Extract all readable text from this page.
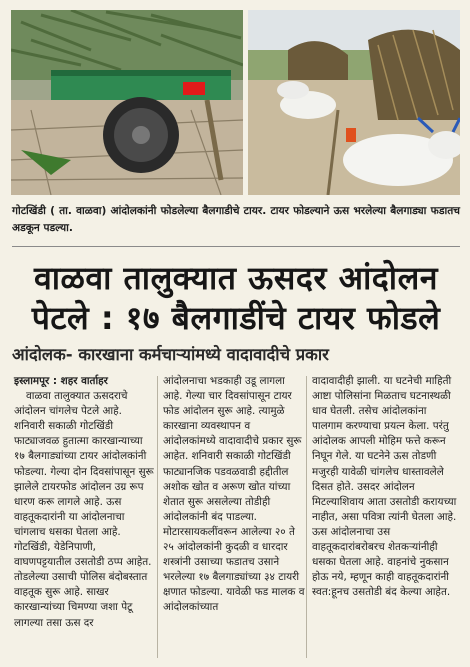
गोटखिंडी ( ता. वाळवा) आंदोलकांनी फोडलेल्या बैलगाडीचे टायर. टायर फोडल्याने ऊस भरलेल्या बैलगाड्या फडातच अडकून पडल्या.
वाळवा तालुक्यात ऊसदर आंदोलन
पेटले : १७ बैलगाडींचे टायर फोडले
आंदोलक- कारखाना कर्मचाऱ्यांमध्ये वादावादीचे प्रकार

इस्लामपूर : शहर वार्ताहर

वाळवा तालुक्यात ऊसदराचे आंदोलन चांगलेच पेटले आहे. शनिवारी सकाळी गोटखिंडी फाट्याजवळ हुतात्मा कारखान्याच्या १७ बैलगाड्यांच्या टायर आंदोलकांनी फोडल्या. गेल्या दोन दिवसांपासून सुरू झालेले टायरफोड आंदोलन उग्र रूप धारण करू लागले आहे. ऊस वाहतूकदारांनी या आंदोलनाचा चांगलाच धसका घेतला आहे. गोटखिंडी, येडेनिपाणी, वाघणपट्टयातील उसतोडी ठप्प आहेत. तोडलेल्या उसाची पोलिस बंदोबस्तात वाहतूक सुरू आहे. साखर कारखान्यांच्या चिमण्या जशा पेटू लागल्या तसा ऊस दर

आंदोलनाचा भडकाही उडू लागला आहे. गेल्या चार दिवसांपासून टायर फोड आंदोलन सुरू आहे. त्यामुळे कारखाना व्यवस्थापन व आंदोलकांमध्ये वादावादीचे प्रकार सुरू आहेत. शनिवारी सकाळी गोटखिंडी फाट्यानजिक पडवळवाडी हद्दीतील अशोक खोत व अरूण खोत यांच्या शेतात सुरू असलेल्या तोडीही आंदोलकांनी बंद पाडल्या. मोटारसायकलींवरून आलेल्या २० ते २५ आंदोलकांनी कुदळी व धारदार शस्त्रांनी उसाच्या फडातच उसाने भरलेल्या १७ बैलगाड्यांच्या ३४ टायरी क्षणात फोडल्या. यावेळी फड मालक व आंदोलकांच्यात

वादावादीही झाली. या घटनेची माहिती आष्टा पोलिसांना मिळताच घटनास्थळी धाव घेतली. तसेच आंदोलकांना पालगाम करण्याचा प्रयत्न केला. परंतु आंदोलक आपली मोहिम फत्ते करून निघून गेले. या घटनेने ऊस तोडणी मजुरही यावेळी चांगलेच धास्तावलेले दिसत होते. उसदर आंदोलन मिटल्याशिवाय आता उसतोडी करायच्या नाहीत, असा पवित्रा त्यांनी घेतला आहे. ऊस आंदोलनाचा उस वाहतूकदारांबरोबरच शेतकऱ्यांनीही धसका घेतला आहे. वाहनांचे नुकसान होऊ नये, म्हणून काही वाहतूकदारांनी स्वत:हूनच उसतोडी बंद केल्या आहेत.
